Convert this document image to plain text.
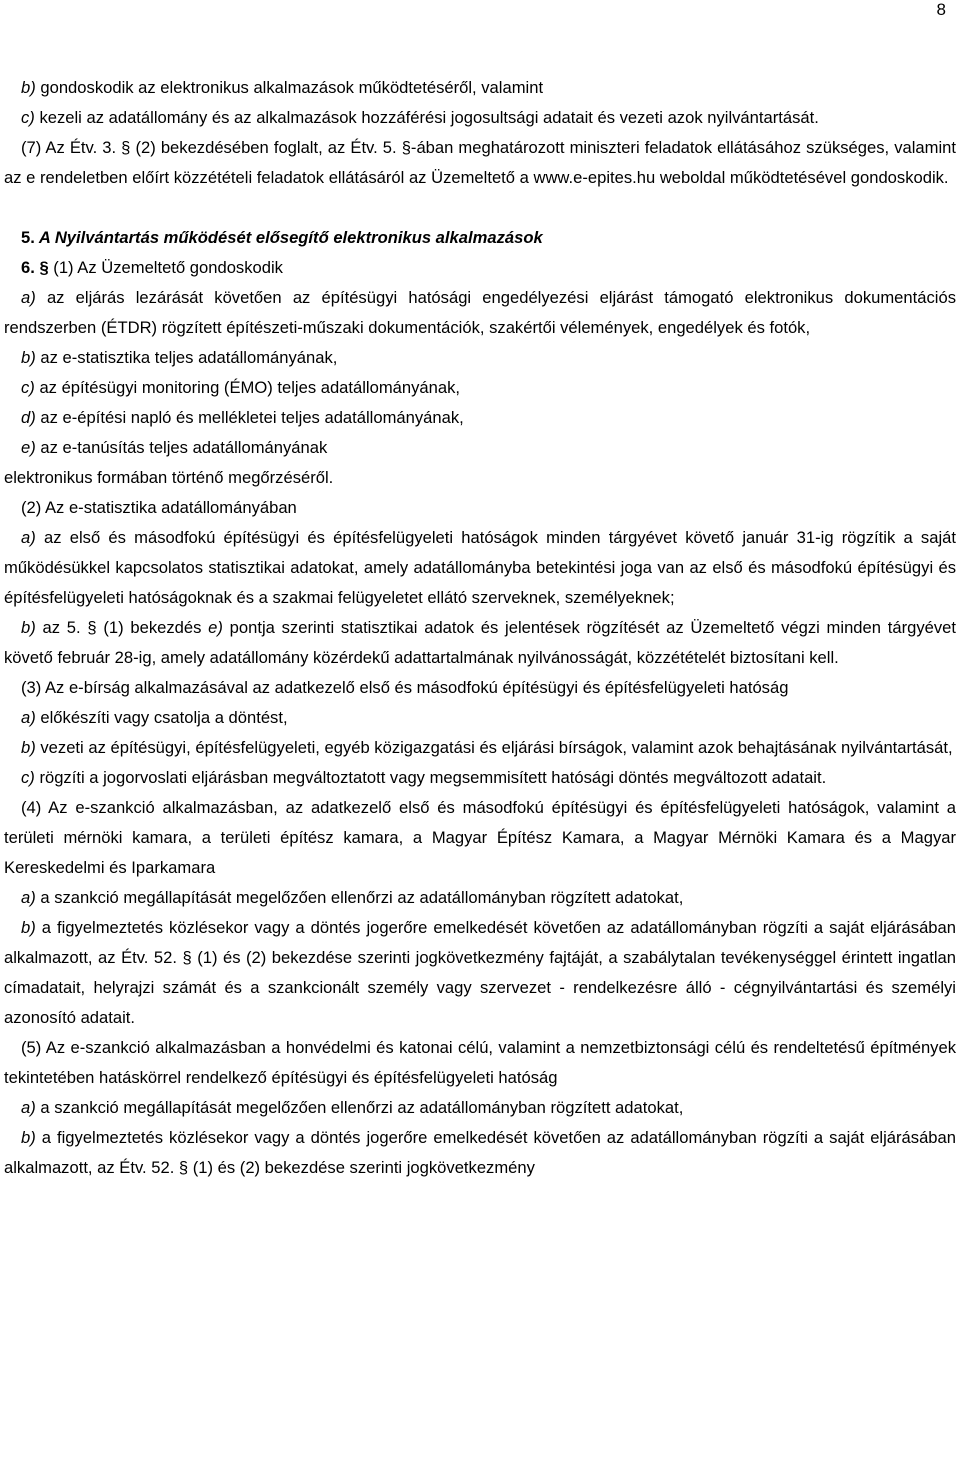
8

b) gondoskodik az elektronikus alkalmazások működtetéséről, valamint

c) kezeli az adatállomány és az alkalmazások hozzáférési jogosultsági adatait és vezeti azok nyilvántartását.

(7) Az Étv. 3. § (2) bekezdésében foglalt, az Étv. 5. §-ában meghatározott miniszteri feladatok ellátásához szükséges, valamint az e rendeletben előírt közzétételi feladatok ellátásáról az Üzemeltető a www.e-epites.hu weboldal működtetésével gondoskodik.

5. A Nyilvántartás működését elősegítő elektronikus alkalmazások

6. § (1) Az Üzemeltető gondoskodik

a) az eljárás lezárását követően az építésügyi hatósági engedélyezési eljárást támogató elektronikus dokumentációs rendszerben (ÉTDR) rögzített építészeti-műszaki dokumentációk, szakértői vélemények, engedélyek és fotók,

b) az e-statisztika teljes adatállományának,

c) az építésügyi monitoring (ÉMO) teljes adatállományának,

d) az e-építési napló és mellékletei teljes adatállományának,

e) az e-tanúsítás teljes adatállományának

elektronikus formában történő megőrzéséről.

(2) Az e-statisztika adatállományában

a) az első és másodfokú építésügyi és építésfelügyeleti hatóságok minden tárgyévet követő január 31-ig rögzítik a saját működésükkel kapcsolatos statisztikai adatokat, amely adatállományba betekintési joga van az első és másodfokú építésügyi és építésfelügyeleti hatóságoknak és a szakmai felügyeletet ellátó szerveknek, személyeknek;

b) az 5. § (1) bekezdés e) pontja szerinti statisztikai adatok és jelentések rögzítését az Üzemeltető végzi minden tárgyévet követő február 28-ig, amely adatállomány közérdekű adattartalmának nyilvánosságát, közzétételét biztosítani kell.

(3) Az e-bírság alkalmazásával az adatkezelő első és másodfokú építésügyi és építésfelügyeleti hatóság

a) előkészíti vagy csatolja a döntést,

b) vezeti az építésügyi, építésfelügyeleti, egyéb közigazgatási és eljárási bírságok, valamint azok behajtásának nyilvántartását,

c) rögzíti a jogorvoslati eljárásban megváltoztatott vagy megsemmisített hatósági döntés megváltozott adatait.

(4) Az e-szankció alkalmazásban, az adatkezelő első és másodfokú építésügyi és építésfelügyeleti hatóságok, valamint a területi mérnöki kamara, a területi építész kamara, a Magyar Építész Kamara, a Magyar Mérnöki Kamara és a Magyar Kereskedelmi és Iparkamara

a) a szankció megállapítását megelőzően ellenőrzi az adatállományban rögzített adatokat,

b) a figyelmeztetés közlésekor vagy a döntés jogerőre emelkedését követően az adatállományban rögzíti a saját eljárásában alkalmazott, az Étv. 52. § (1) és (2) bekezdése szerinti jogkövetkezmény fajtáját, a szabálytalan tevékenységgel érintett ingatlan címadatait, helyrajzi számát és a szankcionált személy vagy szervezet - rendelkezésre álló - cégnyilvántartási és személyi azonosító adatait.

(5) Az e-szankció alkalmazásban a honvédelmi és katonai célú, valamint a nemzetbiztonsági célú és rendeltetésű építmények tekintetében hatáskörrel rendelkező építésügyi és építésfelügyeleti hatóság

a) a szankció megállapítását megelőzően ellenőrzi az adatállományban rögzített adatokat,

b) a figyelmeztetés közlésekor vagy a döntés jogerőre emelkedését követően az adatállományban rögzíti a saját eljárásában alkalmazott, az Étv. 52. § (1) és (2) bekezdése szerinti jogkövetkezmény
